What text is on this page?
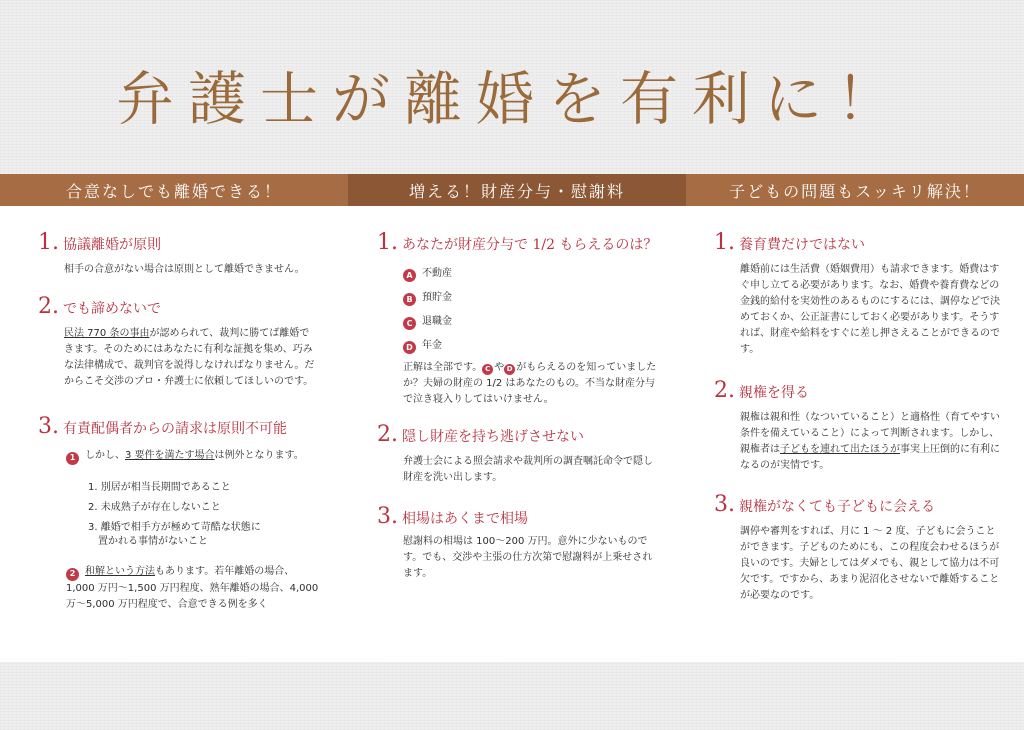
弁護士が離婚を有利に！
合意なしでも離婚できる！	増える！財産分与・慰謝料	子どもの問題もスッキリ解決！
1. 協議離婚が原則

相手の合意がない場合は原則として離婚できません。

2. でも諦めないで

民法 770 条の事由が認められて、裁判に勝てば離婚できます。そのためにはあなたに有利な証拠を集め、巧みな法律構成で、裁判官を説得しなければなりません。だからこそ交渉のプロ・弁護士に依頼してほしいのです。

3. 有責配偶者からの請求は原則不可能

1 しかし、3 要件を満たす場合は例外となります。

1. 別居が相当長期間であること
2. 未成熟子が存在しないこと
3. 離婚で相手方が極めて苛酷な状態に
置かれる事情がないこと

2 和解という方法もあります。若年離婚の場合、1,000 万円〜1,500 万円程度、熟年離婚の場合、4,000 万〜5,000 万円程度で、合意できる例を多く

1. あなたが財産分与で 1/2 もらえるのは？
A 不動産
B 預貯金
C 退職金
D 年金

正解は全部です。 C や D がもらえるのを知っていましたか？夫婦の財産の 1/2 はあなたのもの。不当な財産分与で泣き寝入りしてはいけません。

2. 隠し財産を持ち逃げさせない

弁護士会による照会請求や裁判所の調査嘱託命令で隠し財産を洗い出します。

3. 相場はあくまで相場

慰謝料の相場は 100〜200 万円。意外に少ないものです。でも、交渉や主張の仕方次第で慰謝料が上乗せされます。

1. 養育費だけではない

離婚前には生活費（婚姻費用）も請求できます。婚費はすぐ申し立てる必要があります。なお、婚費や養育費などの金銭的給付を実効性のあるものにするには、調停などで決めておくか、公正証書にしておく必要があります。そうすれば、財産や給料をすぐに差し押さえることができるのです。

2. 親権を得る

親権は親和性（なついていること）と適格性（育てやすい条件を備えていること）によって判断されます。しかし、親権者は子どもを連れて出たほうが事実上圧倒的に有利になるのが実情です。

3. 親権がなくても子どもに会える

調停や審判をすれば、月に 1 〜 2 度、子どもに会うことができます。子どものためにも、この程度会わせるほうが良いのです。夫婦としてはダメでも、親として協力は不可欠です。ですから、あまり泥沼化させないで離婚することが必要なのです。
